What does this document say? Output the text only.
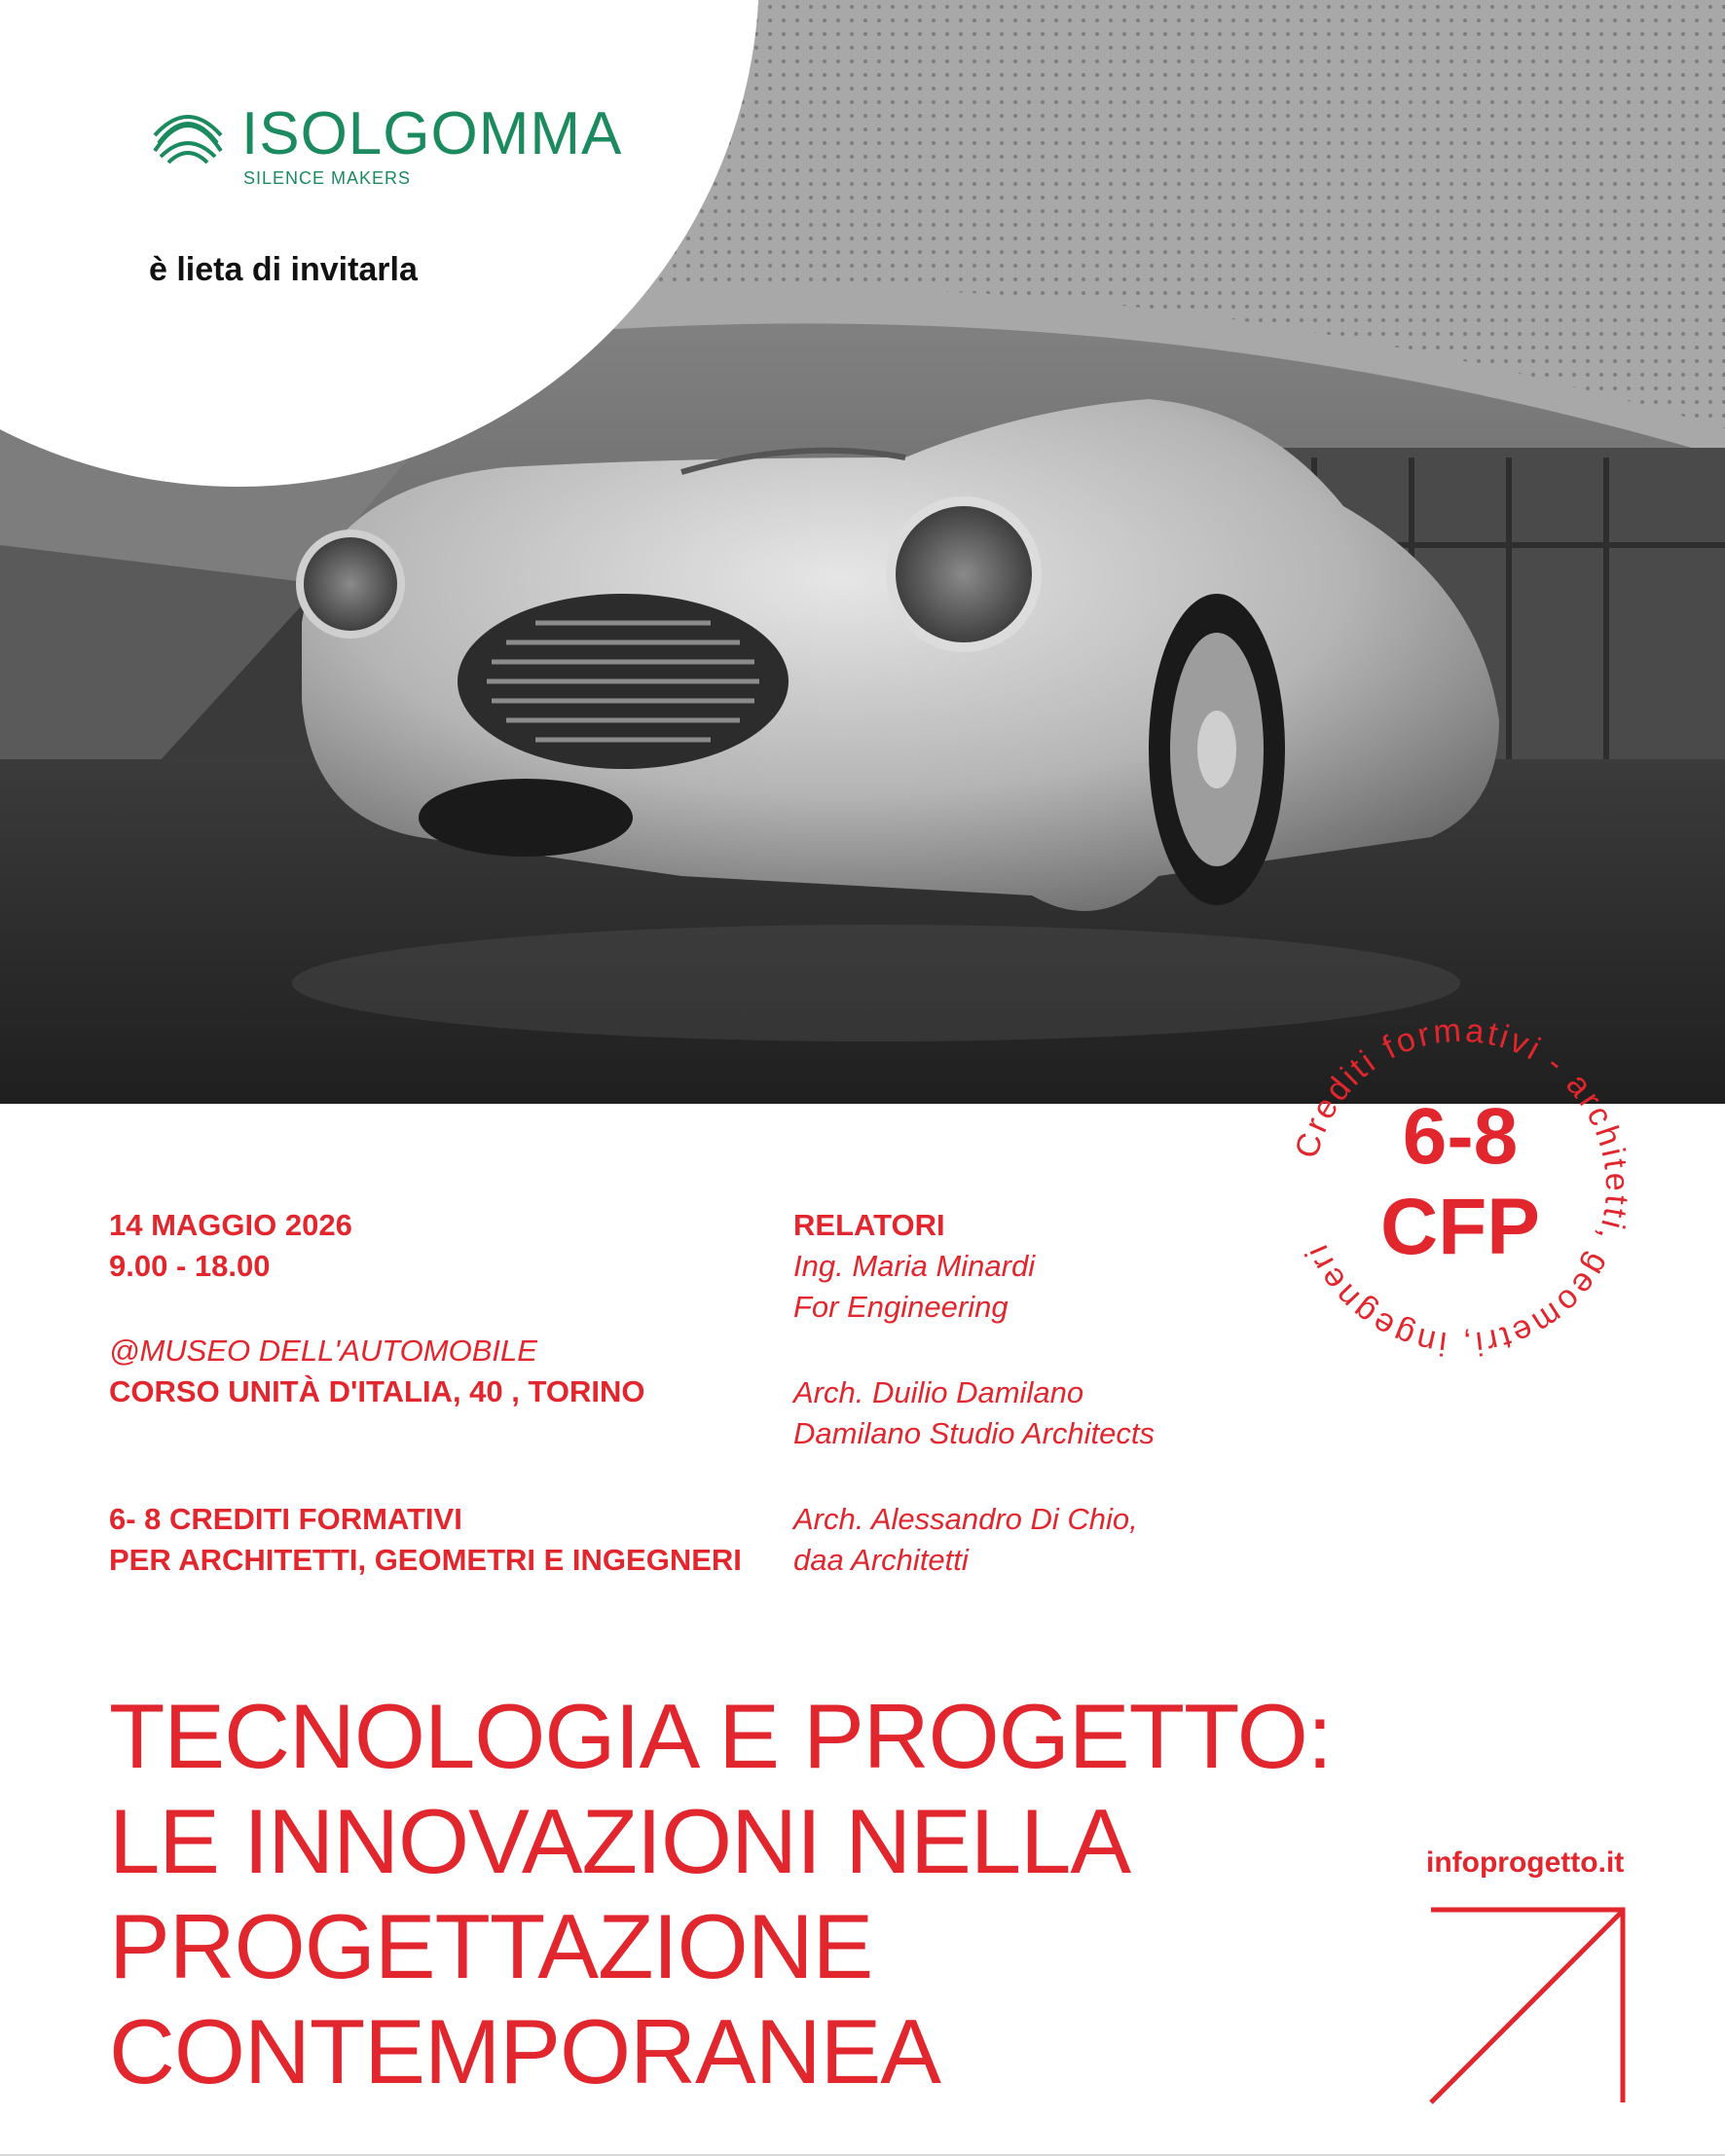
ISOLGOMMA
SILENCE MAKERS
è lieta di invitarla
14 MAGGIO 2026
9.00 - 18.00
@MUSEO DELL'AUTOMOBILE
CORSO UNITÀ D'ITALIA, 40 , TORINO
6- 8 CREDITI FORMATIVI
PER ARCHITETTI, GEOMETRI E INGEGNERI
RELATORI
Ing. Maria Minardi
For Engineering
Arch. Duilio Damilano
Damilano Studio Architects
Arch. Alessandro Di Chio,
daa Architetti
Crediti formativi - architetti, geometri, ingegneri
6-8
CFP
TECNOLOGIA E PROGETTO:
LE INNOVAZIONI NELLA
PROGETTAZIONE
CONTEMPORANEA
infoprogetto.it
